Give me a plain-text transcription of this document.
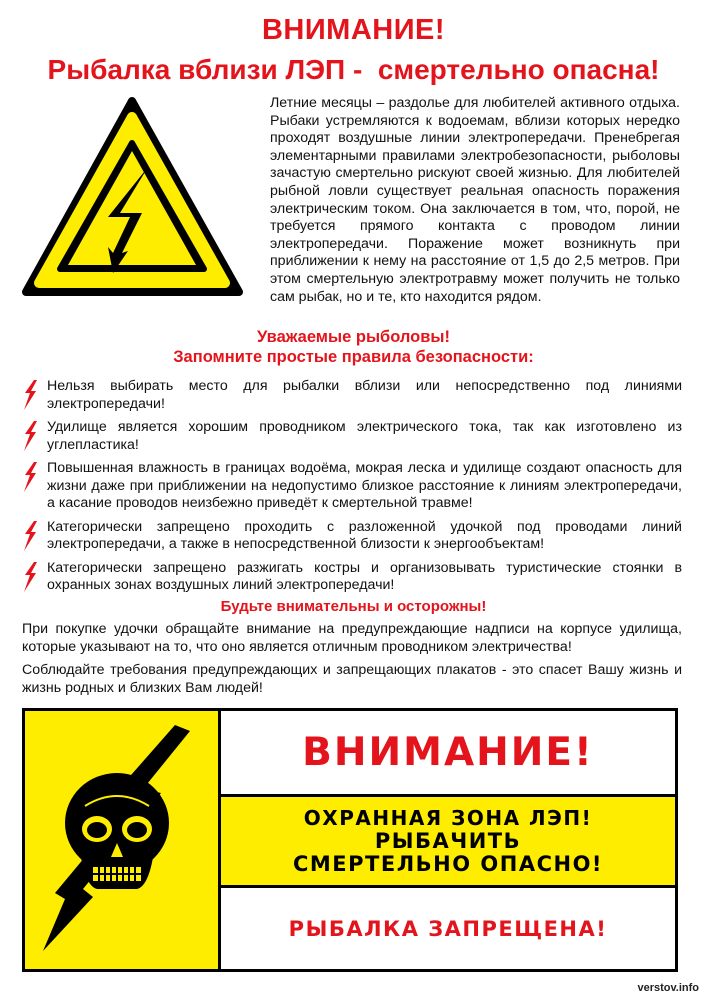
ВНИМАНИЕ!
Рыбалка вблизи ЛЭП -  смертельно опасна!
Летние месяцы – раздолье для любителей активного отдыха. Рыбаки устремляются к водоемам, вблизи которых нередко проходят воздушные линии электропередачи. Пренебрегая элементарными правилами электробезопасности, рыболовы зачастую смертельно рискуют своей жизнью. Для любителей рыбной ловли существует реальная опасность поражения электрическим током. Она заключается в том, что, порой, не требуется прямого контакта с проводом линии электропередачи. Поражение может возникнуть при приближении к нему на расстояние от 1,5 до 2,5 метров. При этом смертельную электротравму может получить не только сам рыбак, но и те, кто находится рядом.
Уважаемые рыболовы!
Запомните простые правила безопасности:
Нельзя выбирать место для рыбалки вблизи или непосредственно под линиями электропередачи!
Удилище является хорошим проводником электрического тока, так как изготовлено из углепластика!
Повышенная влажность в границах водоёма, мокрая леска и удилище создают опасность для жизни даже при приближении на недопустимо близкое расстояние к линиям электропередачи, а касание проводов неизбежно приведёт к смертельной травме!
Категорически запрещено проходить с разложенной удочкой под проводами линий электропередачи, а также в непосредственной близости к энергообъектам!
Категорически запрещено разжигать костры и организовывать туристические стоянки в охранных зонах воздушных линий электропередачи!
Будьте внимательны и осторожны!
При покупке удочки обращайте внимание на предупреждающие надписи на корпусе удилища, которые указывают на то, что оно является отличным проводником электричества!
Соблюдайте требования предупреждающих и запрещающих плакатов - это спасет Вашу жизнь и жизнь родных и близких Вам людей!
ВНИМАНИЕ!
ОХРАННАЯ ЗОНА ЛЭП!
РЫБАЧИТЬ
СМЕРТЕЛЬНО ОПАСНО!
РЫБАЛКА ЗАПРЕЩЕНА!
verstov.info
